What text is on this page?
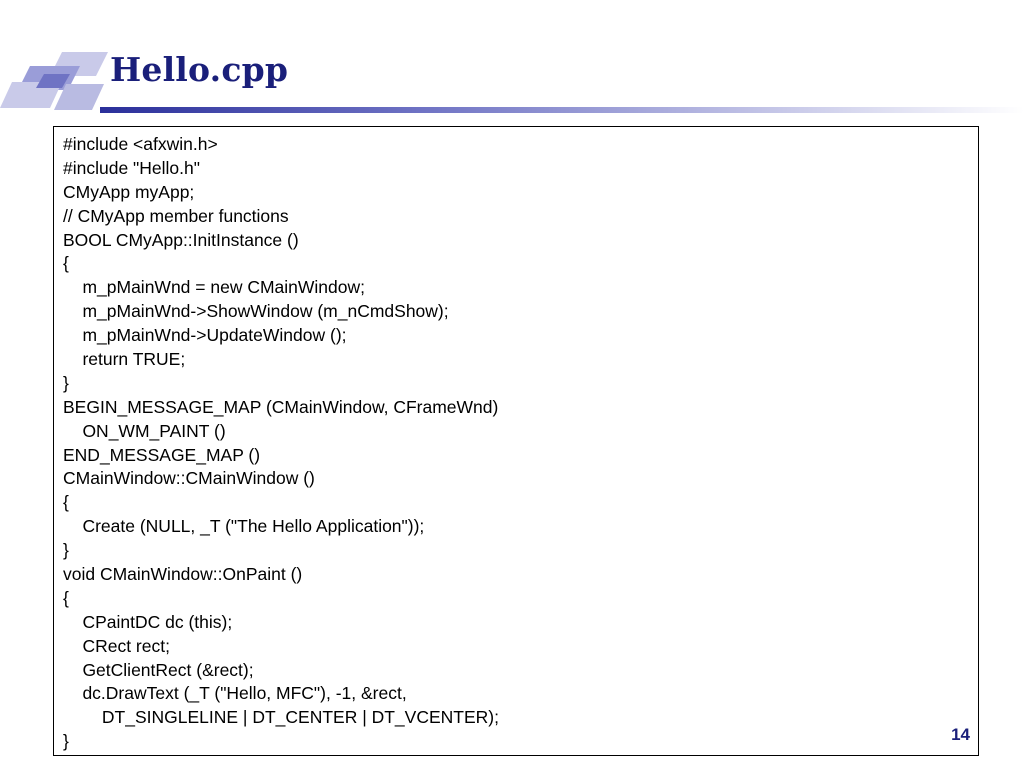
Hello.cpp
#include <afxwin.h>
#include "Hello.h"
CMyApp myApp;
// CMyApp member functions
BOOL CMyApp::InitInstance ()
{
m_pMainWnd = new CMainWindow;
m_pMainWnd->ShowWindow (m_nCmdShow);
m_pMainWnd->UpdateWindow ();
return TRUE;
}
BEGIN_MESSAGE_MAP (CMainWindow, CFrameWnd)
ON_WM_PAINT ()
END_MESSAGE_MAP ()
CMainWindow::CMainWindow ()
{
Create (NULL, _T ("The Hello Application"));
}
void CMainWindow::OnPaint ()
{
CPaintDC dc (this);
CRect rect;
GetClientRect (&rect);
dc.DrawText (_T ("Hello, MFC"), -1, &rect,
DT_SINGLELINE | DT_CENTER | DT_VCENTER);
}	14
